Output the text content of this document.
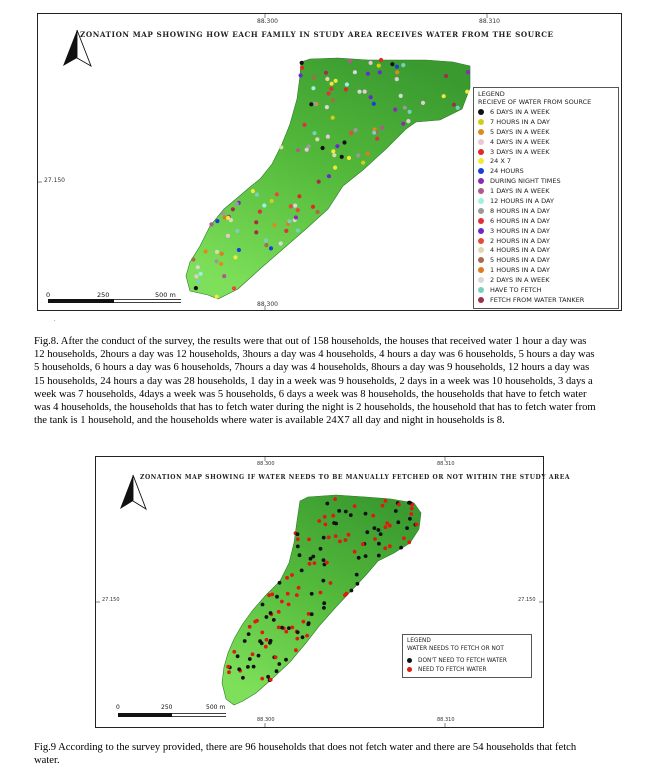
88.300	88.310
27.150
88.300
ZONATION MAP SHOWING HOW EACH FAMILY IN STUDY AREA RECEIVES WATER FROM THE SOURCE
0	250	500 m
LEGEND
RECIEVE OF WATER FROM SOURCE
6 DAYS IN A WEEK
7 HOURS IN A DAY
5 DAYS IN A WEEK
4 DAYS IN A WEEK
3 DAYS IN A WEEK
24 X 7
24 HOURS
DURING NIGHT TIMES
1 DAYS IN A WEEK
12 HOURS IN A DAY
8 HOURS IN A DAY
6 HOURS IN A DAY
3 HOURS IN A DAY
2 HOURS IN A DAY
4 HOURS IN A DAY
5 HOURS IN A DAY
1 HOURS IN A DAY
2 DAYS IN A WEEK
HAVE TO FETCH
FETCH FROM WATER TANKER
.
Fig.8. After the conduct of the survey, the results were that out of 158 households, the houses that received water 1 hour a day was
12 households, 2hours a day was 12 households, 3hours a day was 4 households, 4 hours a day was 6 households, 5 hours a day was
5 households, 6 hours a day was 6 households, 7hours a day was 4 households, 8hours a day was 9 households, 12 hours a day was
15 households, 24 hours a day was 28 households, 1 day in a week was 9 households, 2 days in a week was 10 households, 3 days a
week was 7 households, 4days a week was 5 households, 6 days a week was 8 households, the households that have to fetch water
was 4 households, the households that has to fetch water during the night is 2 households, the household that has to fetch water from
the tank is 1 household, and the households where water is available 24X7 all day and night in households is 8.
88.300	88.310
27.150	27.150
88.300	88.310
ZONATION MAP SHOWING IF WATER NEEDS TO BE MANUALLY FETCHED OR NOT WITHIN THE STUDY AREA
0	250	500 m
LEGEND
WATER NEEDS TO FETCH OR NOT
DON'T NEED TO FETCH WATER
NEED TO FETCH WATER
Fig.9 According to the survey provided, there are 96 households that does not fetch water and there are 54 households that fetch
water.
